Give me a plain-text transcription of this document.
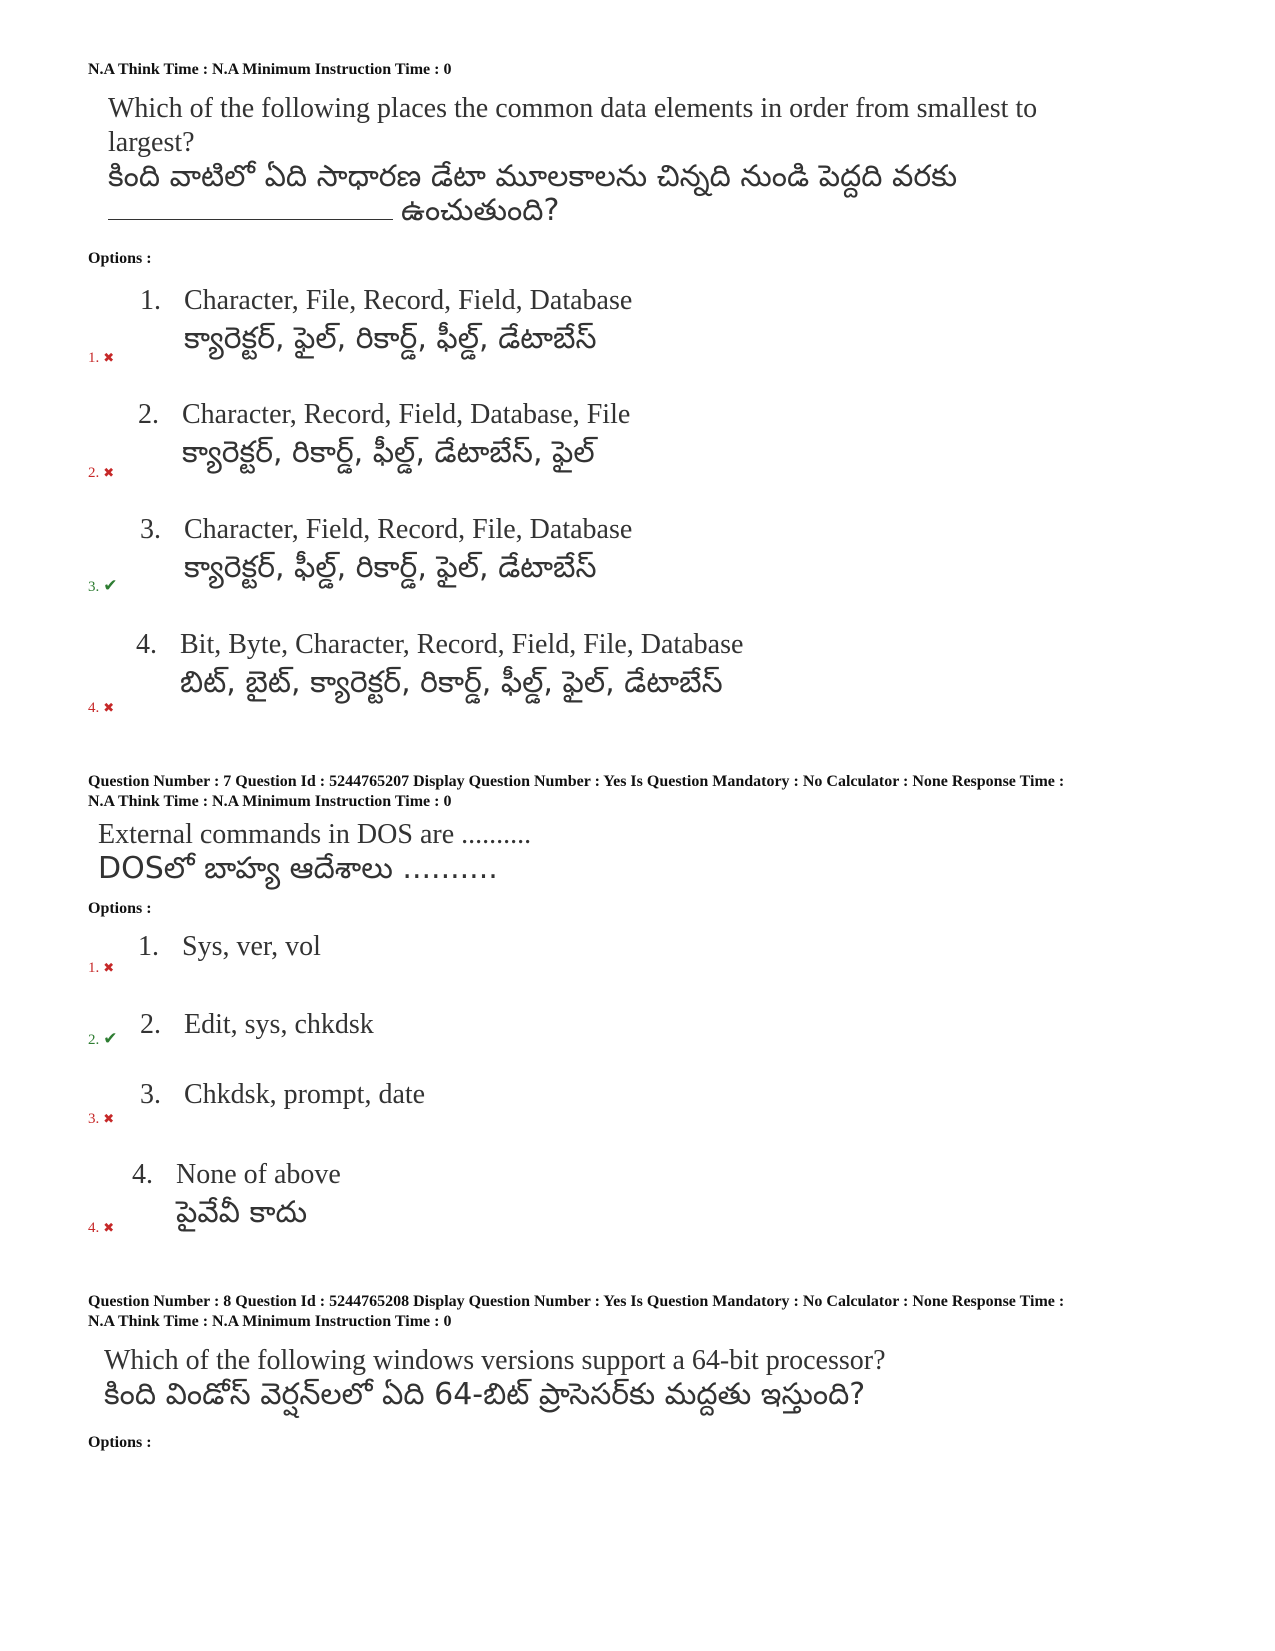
N.A Think Time : N.A Minimum Instruction Time : 0
Which of the following places the common data elements in order from smallest to
largest?
కింది వాటిలో ఏది సాధారణ డేటా మూలకాలను చిన్నది నుండి పెద్దది వరకు
ఉంచుతుంది?
Options :
1. Character, File, Record, Field, Database
క్యారెక్టర్, ఫైల్, రికార్డ్, ఫీల్డ్, డేటాబేస్
1. ✖
2. Character, Record, Field, Database, File
క్యారెక్టర్, రికార్డ్, ఫీల్డ్, డేటాబేస్, ఫైల్
2. ✖
3. Character, Field, Record, File, Database
క్యారెక్టర్, ఫీల్డ్, రికార్డ్, ఫైల్, డేటాబేస్
3. ✔
4. Bit, Byte, Character, Record, Field, File, Database
బిట్, బైట్, క్యారెక్టర్, రికార్డ్, ఫీల్డ్, ఫైల్, డేటాబేస్
4. ✖
Question Number : 7 Question Id : 5244765207 Display Question Number : Yes Is Question Mandatory : No Calculator : None Response Time :
N.A Think Time : N.A Minimum Instruction Time : 0
External commands in DOS are ..........
DOSలో బాహ్య ఆదేశాలు ..........
Options :
1. Sys, ver, vol
1. ✖
2. Edit, sys, chkdsk
2. ✔
3. Chkdsk, prompt, date
3. ✖
4. None of above
పైవేవీ కాదు
4. ✖
Question Number : 8 Question Id : 5244765208 Display Question Number : Yes Is Question Mandatory : No Calculator : None Response Time :
N.A Think Time : N.A Minimum Instruction Time : 0
Which of the following windows versions support a 64-bit processor?
కింది విండోస్ వెర్షన్‌లలో ఏది 64-బిట్ ప్రాసెసర్‌కు మద్దతు ఇస్తుంది?
Options :
